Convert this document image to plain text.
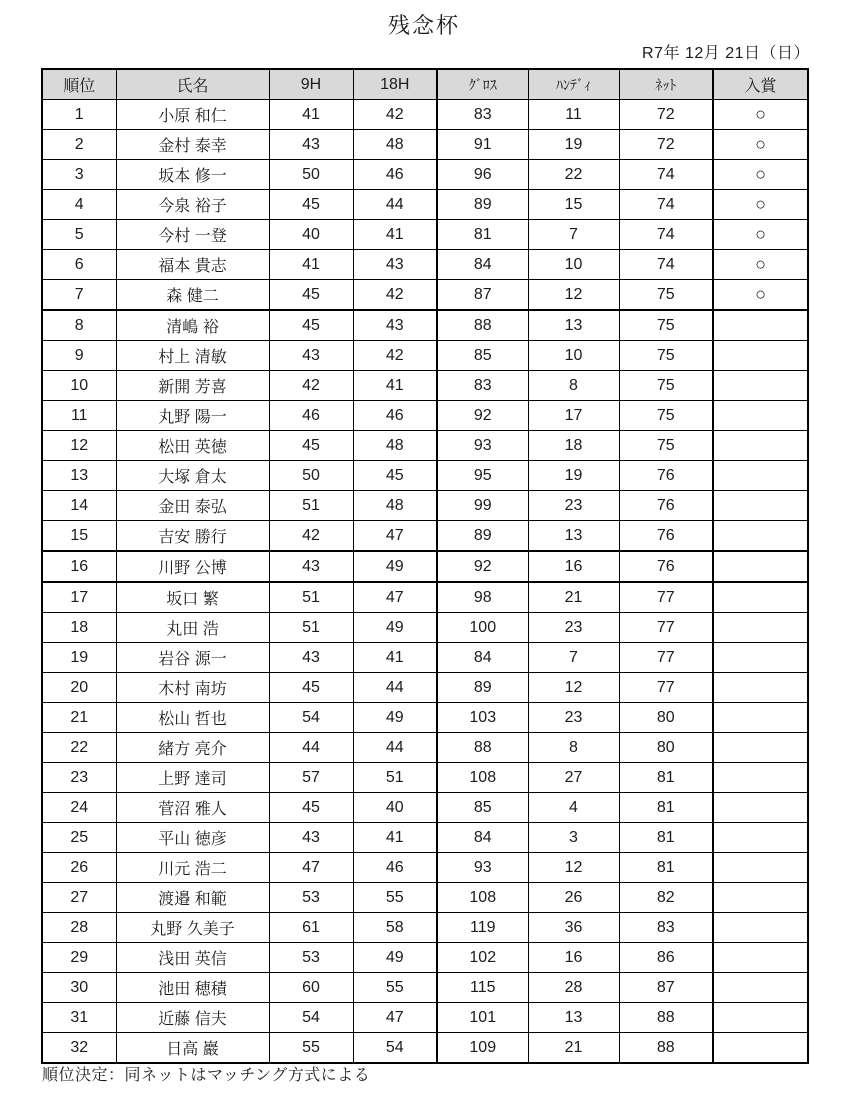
残念杯
R7年 12月 21日（日）
順位	氏名	9H	18H	ｸﾞﾛｽ	ﾊﾝﾃﾞｨ	ﾈｯﾄ	入賞
1	小原 和仁	41	42	83	11	72	○
2	金村 泰幸	43	48	91	19	72	○
3	坂本 修一	50	46	96	22	74	○
4	今泉 裕子	45	44	89	15	74	○
5	今村 一登	40	41	81	7	74	○
6	福本 貴志	41	43	84	10	74	○
7	森 健二	45	42	87	12	75	○
8	清嶋 裕	45	43	88	13	75	
9	村上 清敏	43	42	85	10	75	
10	新開 芳喜	42	41	83	8	75	
11	丸野 陽一	46	46	92	17	75	
12	松田 英徳	45	48	93	18	75	
13	大塚 倉太	50	45	95	19	76	
14	金田 泰弘	51	48	99	23	76	
15	吉安 勝行	42	47	89	13	76	
16	川野 公博	43	49	92	16	76	
17	坂口 繁	51	47	98	21	77	
18	丸田 浩	51	49	100	23	77	
19	岩谷 源一	43	41	84	7	77	
20	木村 南坊	45	44	89	12	77	
21	松山 哲也	54	49	103	23	80	
22	緒方 亮介	44	44	88	8	80	
23	上野 達司	57	51	108	27	81	
24	菅沼 雅人	45	40	85	4	81	
25	平山 徳彦	43	41	84	3	81	
26	川元 浩二	47	46	93	12	81	
27	渡邉 和範	53	55	108	26	82	
28	丸野 久美子	61	58	119	36	83	
29	浅田 英信	53	49	102	16	86	
30	池田 穂積	60	55	115	28	87	
31	近藤 信夫	54	47	101	13	88	
32	日高 巖	55	54	109	21	88	
順位決定：同ネットはマッチング方式による
